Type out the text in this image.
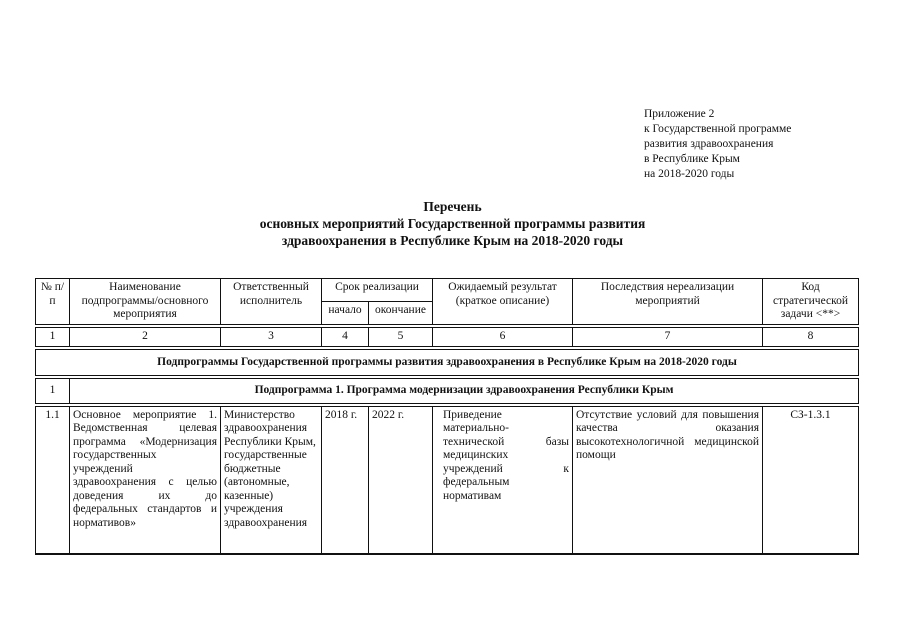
Приложение 2
к Государственной программе
развития здравоохранения
в Республике Крым
на 2018-2020 годы
Перечень
основных мероприятий Государственной программы развития
здравоохранения в Республике Крым на 2018-2020 годы
№ п/п	Наименование подпрограммы/основного мероприятия	Ответственный исполнитель	Срок реализации		Ожидаемый результат (краткое описание)	Последствия нереализации мероприятий	Код стратегической задачи <**>
			начало	окончание			

1	2	3	4	5	6	7	8

Подпрограммы Государственной программы развития здравоохранения в Республике Крым на 2018-2020 годы							

1	Подпрограмма 1. Программа модернизации здравоохранения Республики Крым						

1.1	Основное мероприятие 1. Ведомственная целевая программа «Модернизация государственных учреждений здравоохранения с целью доведения их до федеральных стандартов и нормативов»	Министерство здравоохранения Республики Крым, государственные бюджетные (автономные, казенные) учреждения здравоохранения	2018 г.	2022 г.	Приведение материально-технической базы медицинских учреждений к федеральным нормативам	Отсутствие условий для повышения качества оказания высокотехнологичной медицинской помощи	СЗ-1.3.1
